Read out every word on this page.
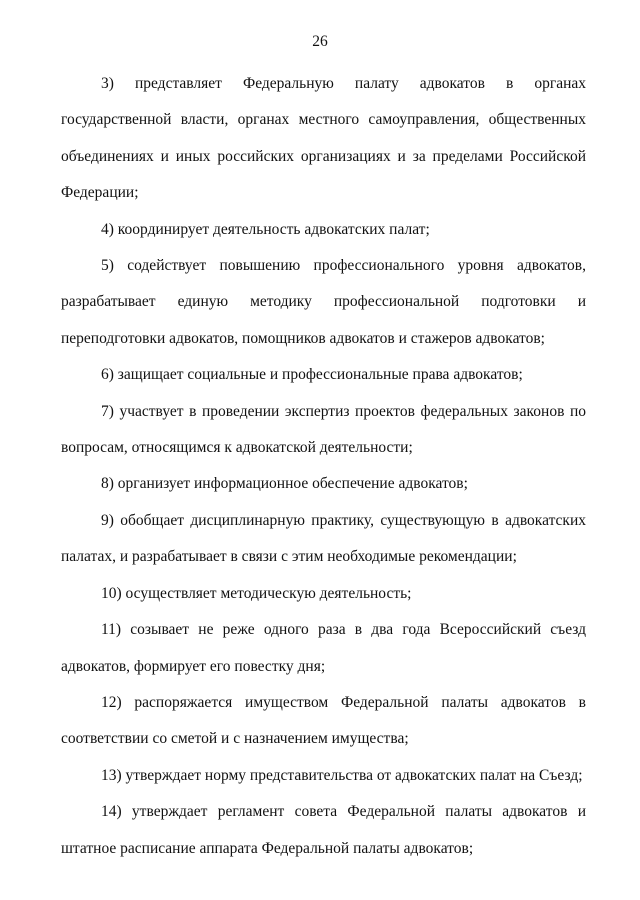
26

3) представляет Федеральную палату адвокатов в органах государственной власти, органах местного самоуправления, общественных объединениях и иных российских организациях и за пределами Российской Федерации;

4) координирует деятельность адвокатских палат;

5) содействует повышению профессионального уровня адвокатов, разрабатывает единую методику профессиональной подготовки и переподготовки адвокатов, помощников адвокатов и стажеров адвокатов;

6) защищает социальные и профессиональные права адвокатов;

7) участвует в проведении экспертиз проектов федеральных законов по вопросам, относящимся к адвокатской деятельности;

8) организует информационное обеспечение адвокатов;

9) обобщает дисциплинарную практику, существующую в адвокатских палатах, и разрабатывает в связи с этим необходимые рекомендации;

10) осуществляет методическую деятельность;

11) созывает не реже одного раза в два года Всероссийский съезд адвокатов, формирует его повестку дня;

12) распоряжается имуществом Федеральной палаты адвокатов в соответствии со сметой и с назначением имущества;

13) утверждает норму представительства от адвокатских палат на Съезд;

14) утверждает регламент совета Федеральной палаты адвокатов и штатное расписание аппарата Федеральной палаты адвокатов;
